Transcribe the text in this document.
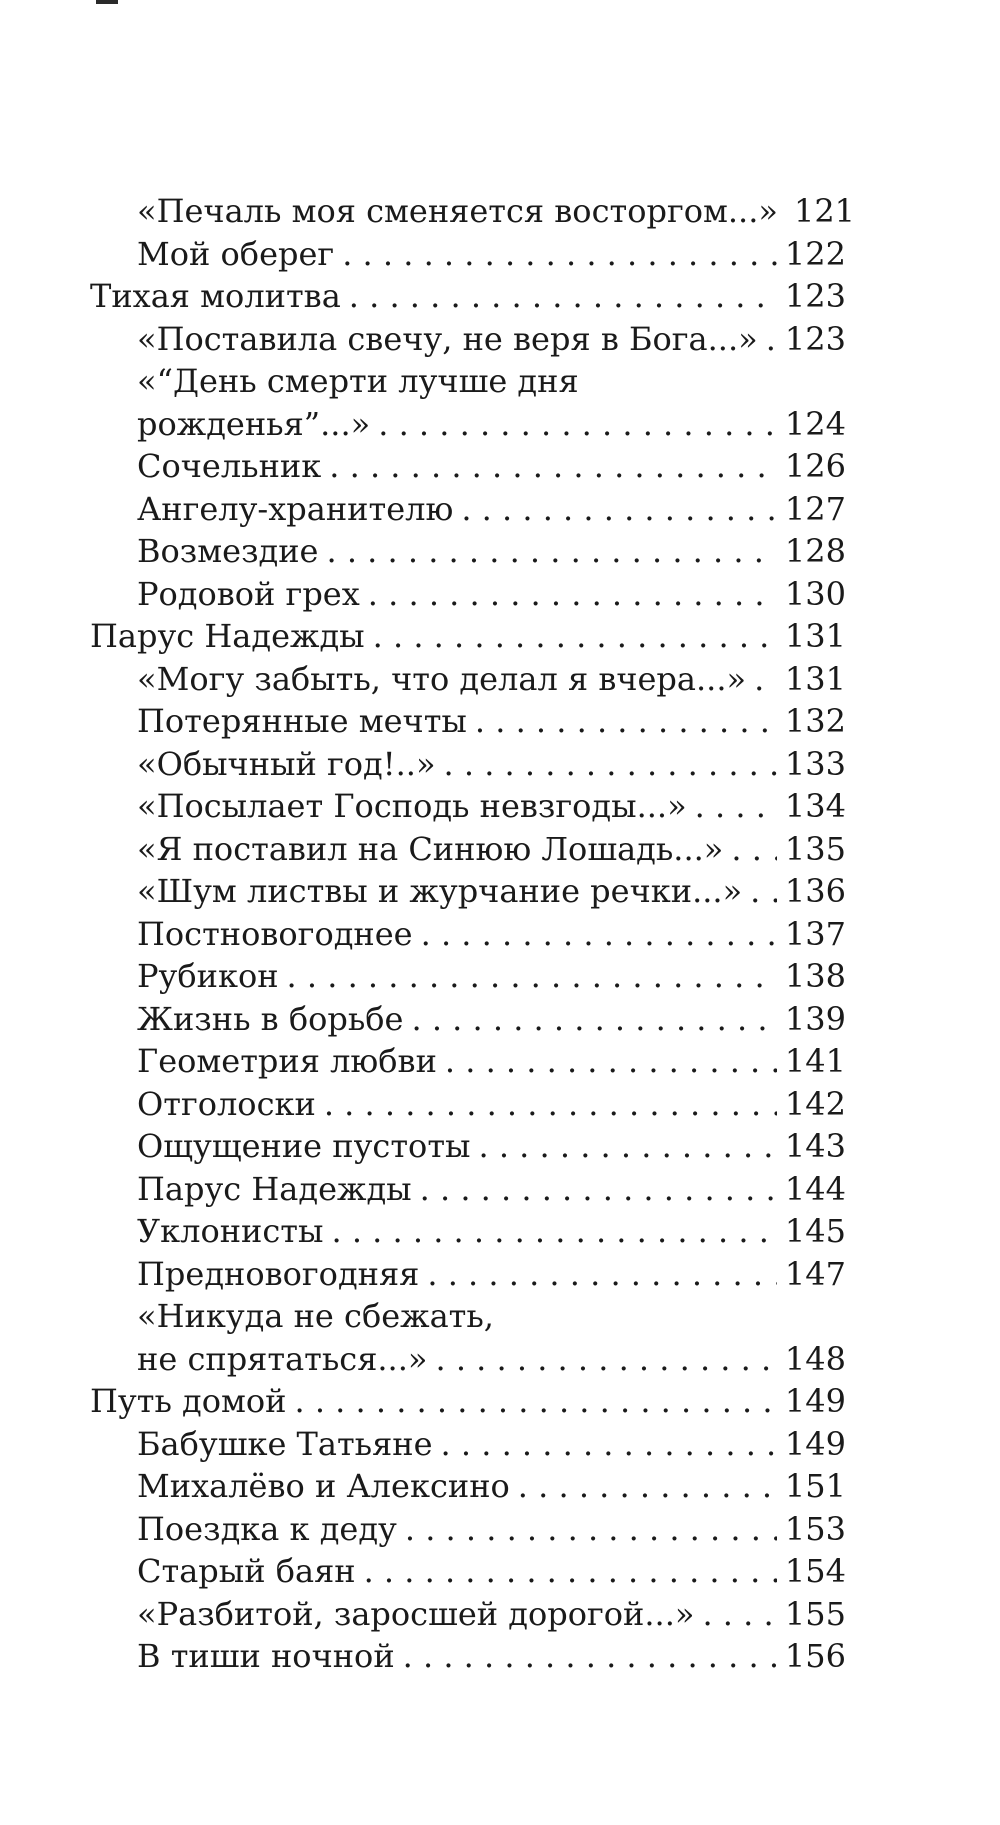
«Печаль моя сменяется восторгом...» 121
Мой оберег . . .	122
Тихая молитва . . .	123
«Поставила свечу, не веря в Бога...» . . . 123
«“День смерти лучше дня
рожденья”...» . . .	124
Сочельник . . .	126
Ангелу-хранителю . . .	127
Возмездие . . .	128
Родовой грех . . .	130
Парус Надежды . . .	131
«Могу забыть, что делал я вчера...» . . . 131
Потерянные мечты . . .	132
«Обычный год!..» . . .	133
«Посылает Господь невзгоды...» . . .	134
«Я поставил на Синюю Лошадь...» . . . 135
«Шум листвы и журчание речки...» . . . 136
Постновогоднее . . .	137
Рубикон . . .	138
Жизнь в борьбе . . .	139
Геометрия любви . . .	141
Отголоски . . .	142
Ощущение пустоты . . .	143
Парус Надежды . . .	144
Уклонисты . . .	145
Предновогодняя . . .	147
«Никуда не сбежать,
не спрятаться...» . . .	148
Путь домой . . .	149
Бабушке Татьяне . . .	149
Михалёво и Алексино . . .	151
Поездка к деду . . .	153
Старый баян . . .	154
«Разбитой, заросшей дорогой...» . . .	155
В тиши ночной . . .	156
